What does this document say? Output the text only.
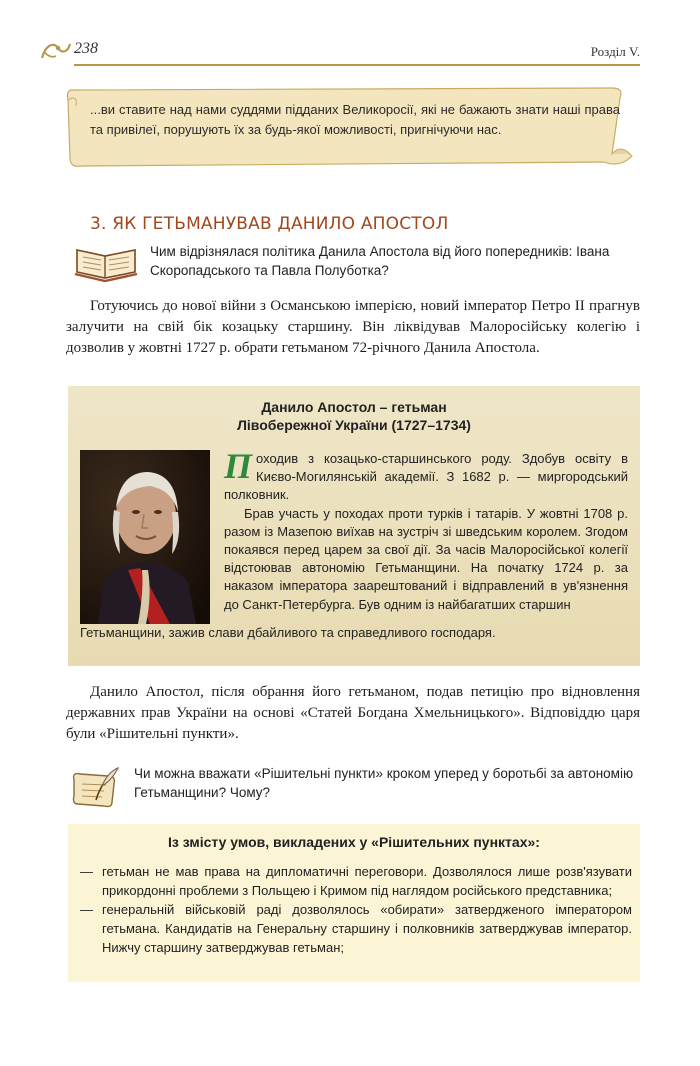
238	Розділ V.
...ви ставите над нами суддями підданих Великоросії, які не бажають знати наші права та привілеї, порушують їх за будь-якої можливості, пригнічуючи нас.
3. ЯК ГЕТЬМАНУВАВ ДАНИЛО АПОСТОЛ
Чим відрізнялася політика Данила Апостола від його попередників: Івана Скоропадського та Павла Полуботка?

Готуючись до нової війни з Османською імперією, новий імператор Петро II прагнув залучити на свій бік козацьку старшину. Він ліквідував Малоросійську колегію і дозволив у жовтні 1727 р. обрати гетьманом 72-річного Данила Апостола.

Данило Апостол – гетьман
Лівобережної України (1727–1734)
П оходив з козацько-старшинського роду. Здобув освіту в Києво-Могилянській академії. З 1682 р. — миргородський полковник.
Брав участь у походах проти турків і татарів. У жовтні 1708 р. разом із Мазепою виїхав на зустріч зі шведським королем. Згодом покаявся перед царем за свої дії. За часів Малоросійської колегії відстоював автономію Гетьманщини. На початку 1724 р. за наказом імператора заарештований і відправлений в ув'язнення до Санкт-Петербурга. Був одним із найбагатших старшин
Гетьманщини, зажив слави дбайливого та справедливого господаря.

Данило Апостол, після обрання його гетьманом, подав петицію про відновлення державних прав України на основі «Статей Богдана Хмельницького». Відповіддю царя були «Рішительні пункти».

Чи можна вважати «Рішительні пункти» кроком уперед у боротьбі за автономію Гетьманщини? Чому?
Із змісту умов, викладених у «Рішительних пунктах»:
— гетьман не мав права на дипломатичні переговори. Дозволялося лише розв'язувати прикордонні проблеми з Польщею і Кримом під наглядом російського представника;
— генеральній військовій раді дозволялось «обирати» затвердженого імператором гетьмана. Кандидатів на Генеральну старшину і полковників затверджував імператор. Нижчу старшину затверджував гетьман;
